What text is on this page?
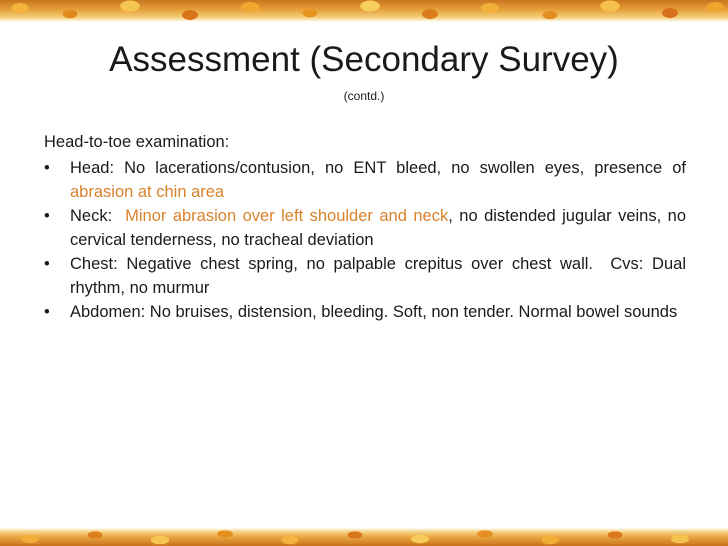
Assessment (Secondary Survey)
(contd.)

Head-to-toe examination:

• Head: No lacerations/contusion, no ENT bleed, no swollen eyes, presence of abrasion at chin area
• Neck:  Minor abrasion over left shoulder and neck, no distended jugular veins, no cervical tenderness, no tracheal deviation
• Chest: Negative chest spring, no palpable crepitus over chest wall.  Cvs: Dual rhythm, no murmur
• Abdomen: No bruises, distension, bleeding. Soft, non tender. Normal bowel sounds
